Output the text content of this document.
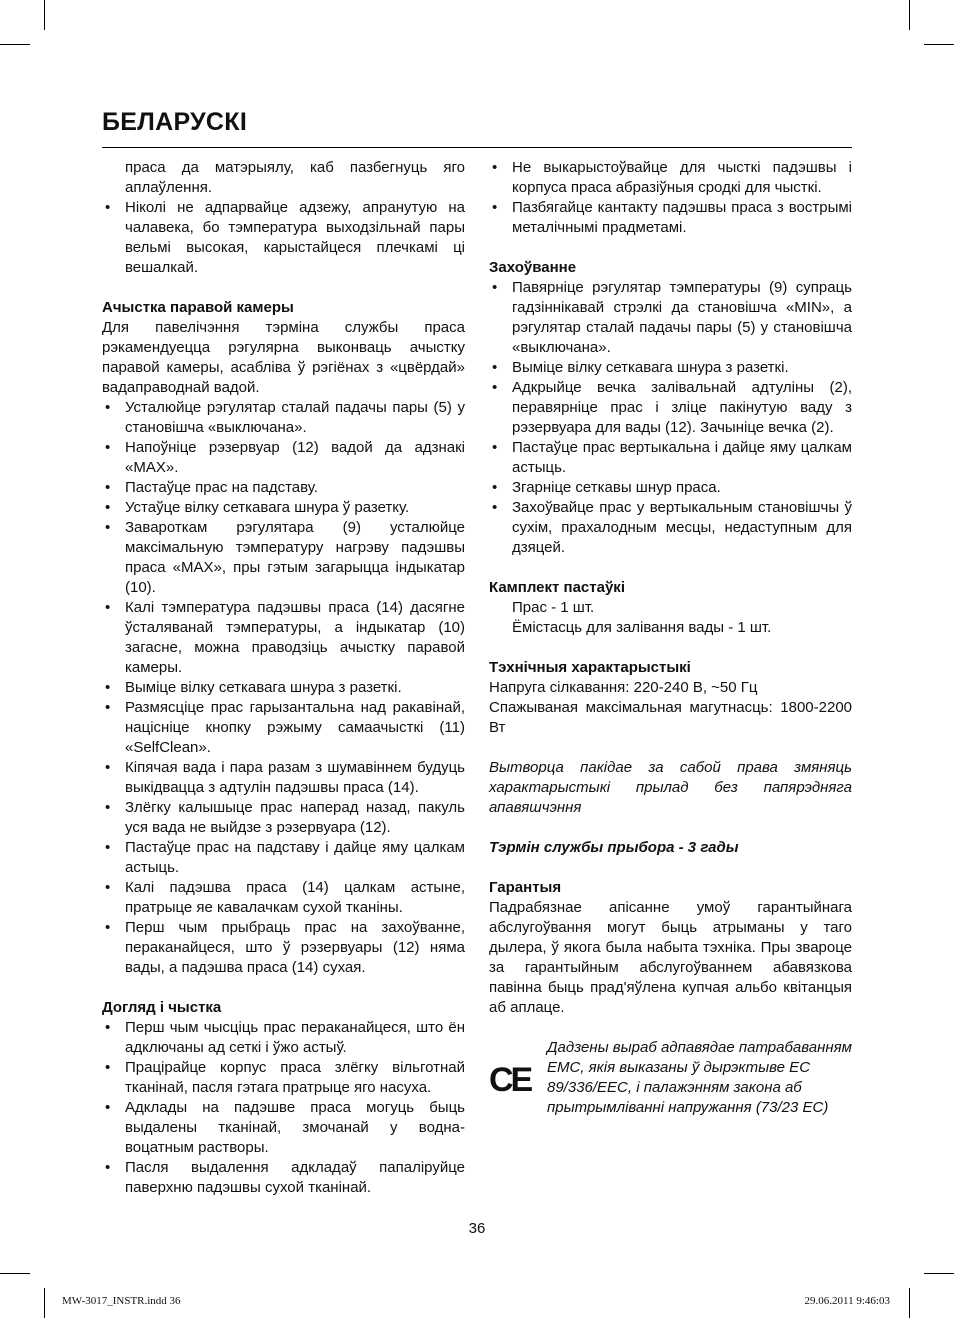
БЕЛАРУСКІ

праса да матэрыялу, каб пазбегнуць яго аплаўлення.

• Ніколі не адпарвайце адзежу, апранутую на чалавека, бо тэмпература выходзільнай пары вельмі высокая, карыстайцеся плечкамі ці вешалкай.
Ачыстка паравой камеры

Для павелічэння тэрміна службы праса рэкамендуецца рэгулярна выконваць ачыстку паравой камеры, асабліва ў рэгіёнах з «цвёрдай» вадаправоднай вадой.

• Усталюйце рэгулятар сталай падачы пары (5) у становішча «выключана».
• Напоўніце рэзервуар (12) вадой да адзнакі «MAX».
• Пастаўце прас на падставу.
• Устаўце вілку сеткавага шнура ў разетку.
• Завароткам рэгулятара (9) усталюйце максімальную тэмпературу нагрэву падэшвы праса «MAX», пры гэтым загарыцца індыкатар (10).
• Калі тэмпература падэшвы праса (14) дасягне ўсталяванай тэмпературы, а індыкатар (10) загасне, можна праводзіць ачыстку паравой камеры.
• Выміце вілку сеткавага шнура з разеткі.
• Размясціце прас гарызантальна над ракавінай, націсніце кнопку рэжыму самаачысткі (11) «SelfClean».
• Кіпячая вада і пара разам з шумавіннем будуць выкідвацца з адтулін падэшвы праса (14).
• Злёгку калышыце прас наперад назад, пакуль уся вада не выйдзе з рэзервуара (12).
• Пастаўце прас на падставу і дайце яму цалкам астыць.
• Калі падэшва праса (14) цалкам астыне, пратрыце яе кавалачкам сухой тканіны.
• Перш чым прыбраць прас на захоўванне, пераканайцеся, што ў рэзервуары (12) няма вады, а падэшва праса (14) сухая.
Догляд і чыстка
• Перш чым чысціць прас пераканайцеся, што ён адключаны ад сеткі і ўжо астыў.
• Працірайце корпус праса злёгку вільготнай тканінай, пасля гэтага пратрыце яго насуха.
• Адклады на падэшве праса могуць быць выдалены тканінай, змочанай у водна-воцатным растворы.
• Пасля выдалення адкладаў папаліруйце паверхню падэшвы сухой тканінай.
• Не выкарыстоўвайце для чысткі падэшвы і корпуса праса абразіўныя сродкі для чысткі.
• Пазбягайце кантакту падэшвы праса з вострымі металічнымі прадметамі.
Захоўванне
• Павярніце рэгулятар тэмпературы (9) супраць гадзіннікавай стрэлкі да становішча «MIN», а рэгулятар сталай падачы пары (5) у становішча «выключана».
• Выміце вілку сеткавага шнура з разеткі.
• Адкрыйце вечка залівальнай адтуліны (2), перавярніце прас і зліце пакінутую ваду з рэзервуара для вады (12). Зачыніце вечка (2).
• Пастаўце прас вертыкальна і дайце яму цалкам астыць.
• Згарніце сеткавы шнур праса.
• Захоўвайце прас у вертыкальным становішчы ў сухім, прахалодным месцы, недаступным для дзяцей.
Камплект пастаўкі

Прас - 1 шт.

Ёмістасць для залівання вады - 1 шт.

Тэхнічныя характарыстыкі

Напруга сілкавання: 220-240 В, ~50 Гц

Спажываная максімальная магутнасць: 1800-2200 Вт

Вытворца пакідае за сабой права змяняць характарыстыкі прылад без папярэдняга апавяшчэння

Тэрмін службы прыбора - 3 гады

Гарантыя

Падрабязнае апісанне умоў гарантыйнага абслугоўвання могут быць атрыманы у таго дылера, ў якога была набыта тэхніка. Пры звароце за гарантыйным абслугоўваннем абавязкова павінна быць прад'яўлена купчая альбо квітанцыя аб аплаце.

CE
Дадзены выраб адпавядае патрабаванням ЕМС, якія выказаны ў дырэктыве ЕС 89/336/ЕЕС, і палажэнням закона аб прытрымліванні напружання (73/23 ЕС)
36
MW-3017_INSTR.indd 36	29.06.2011 9:46:03
